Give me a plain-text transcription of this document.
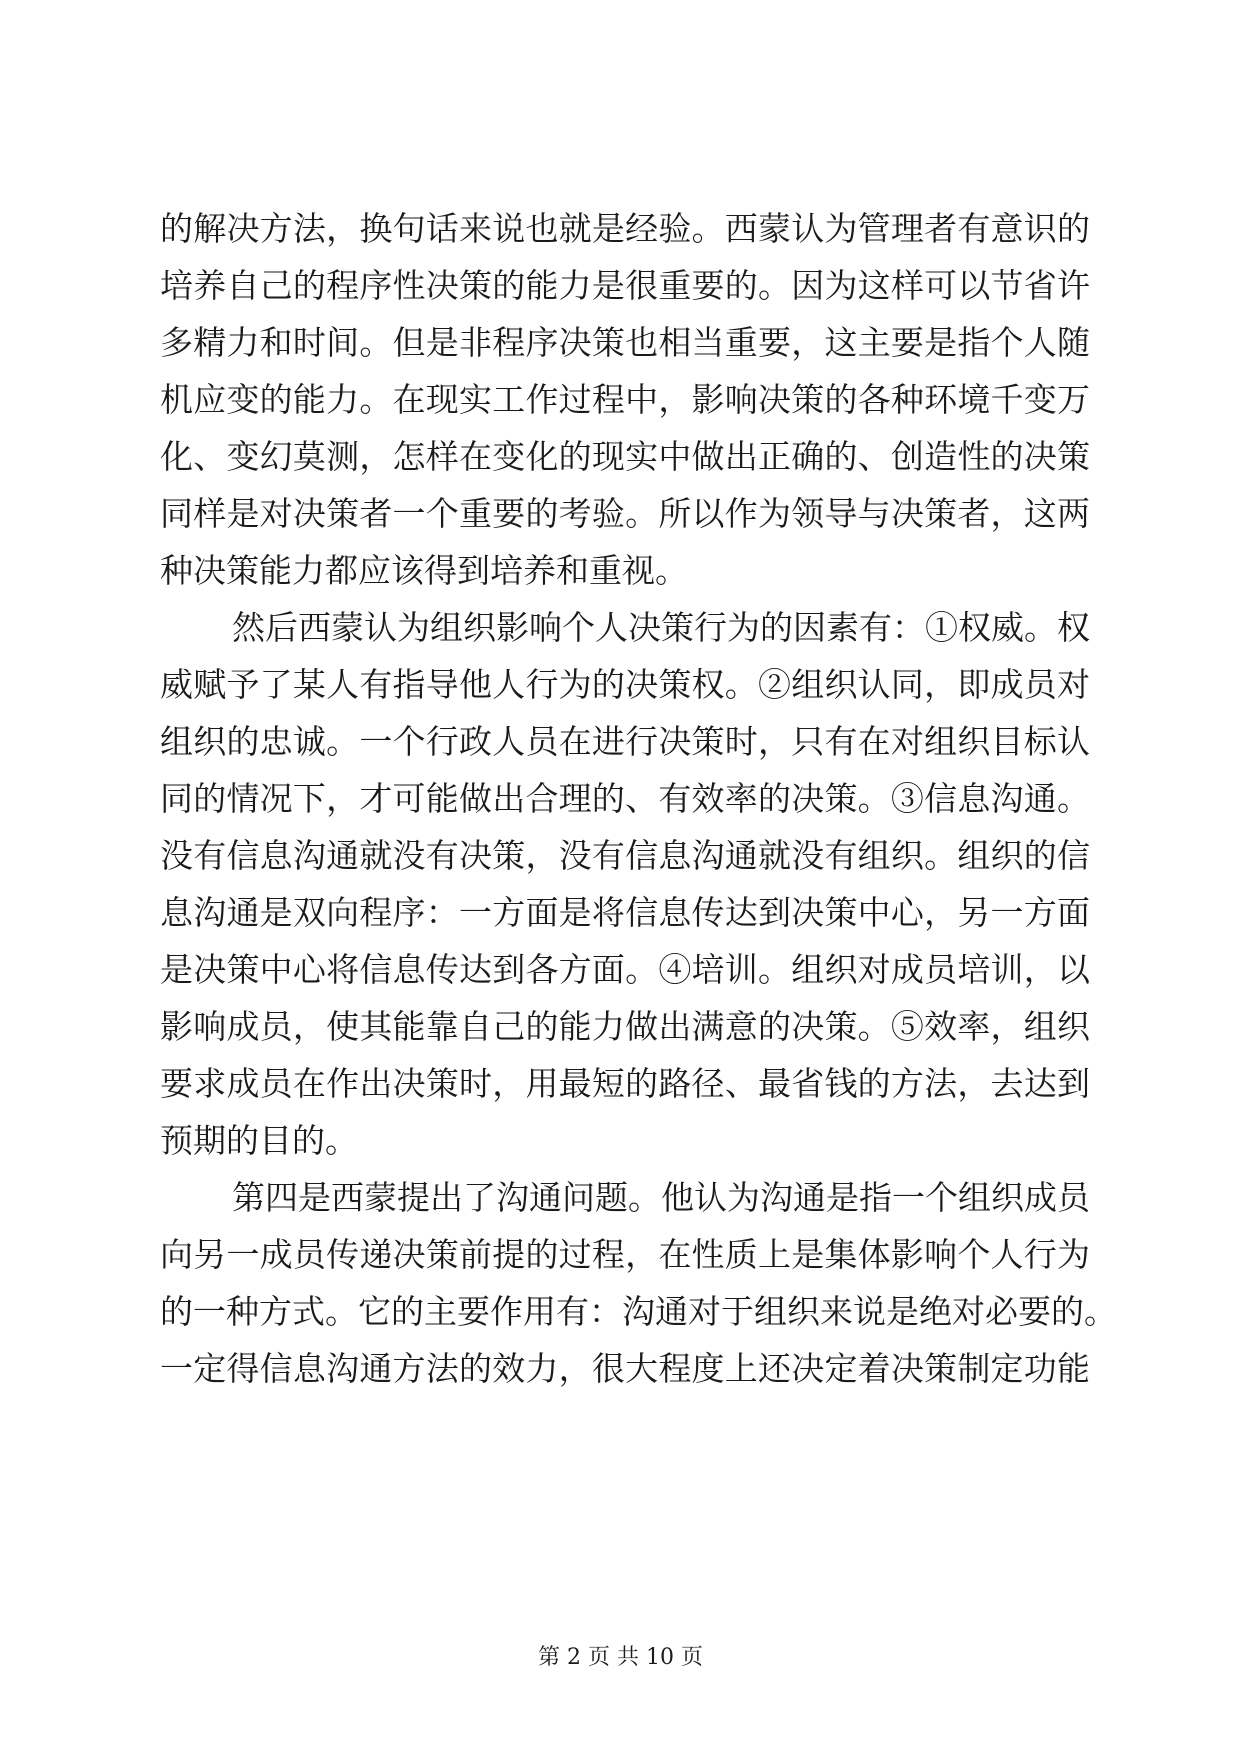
的解决方法，换句话来说也就是经验。西蒙认为管理者有意识的

培养自己的程序性决策的能力是很重要的。因为这样可以节省许

多精力和时间。但是非程序决策也相当重要，这主要是指个人随

机应变的能力。在现实工作过程中，影响决策的各种环境千变万

化、变幻莫测，怎样在变化的现实中做出正确的、创造性的决策

同样是对决策者一个重要的考验。所以作为领导与决策者，这两

种决策能力都应该得到培养和重视。

然后西蒙认为组织影响个人决策行为的因素有：①权威。权

威赋予了某人有指导他人行为的决策权。②组织认同，即成员对

组织的忠诚。一个行政人员在进行决策时，只有在对组织目标认

同的情况下，才可能做出合理的、有效率的决策。③信息沟通。

没有信息沟通就没有决策，没有信息沟通就没有组织。组织的信

息沟通是双向程序：一方面是将信息传达到决策中心，另一方面

是决策中心将信息传达到各方面。④培训。组织对成员培训，以

影响成员，使其能靠自己的能力做出满意的决策。⑤效率，组织

要求成员在作出决策时，用最短的路径、最省钱的方法，去达到

预期的目的。

第四是西蒙提出了沟通问题。他认为沟通是指一个组织成员

向另一成员传递决策前提的过程，在性质上是集体影响个人行为

的一种方式。它的主要作用有：沟通对于组织来说是绝对必要的。

一定得信息沟通方法的效力，很大程度上还决定着决策制定功能

第 2 页 共 10 页
